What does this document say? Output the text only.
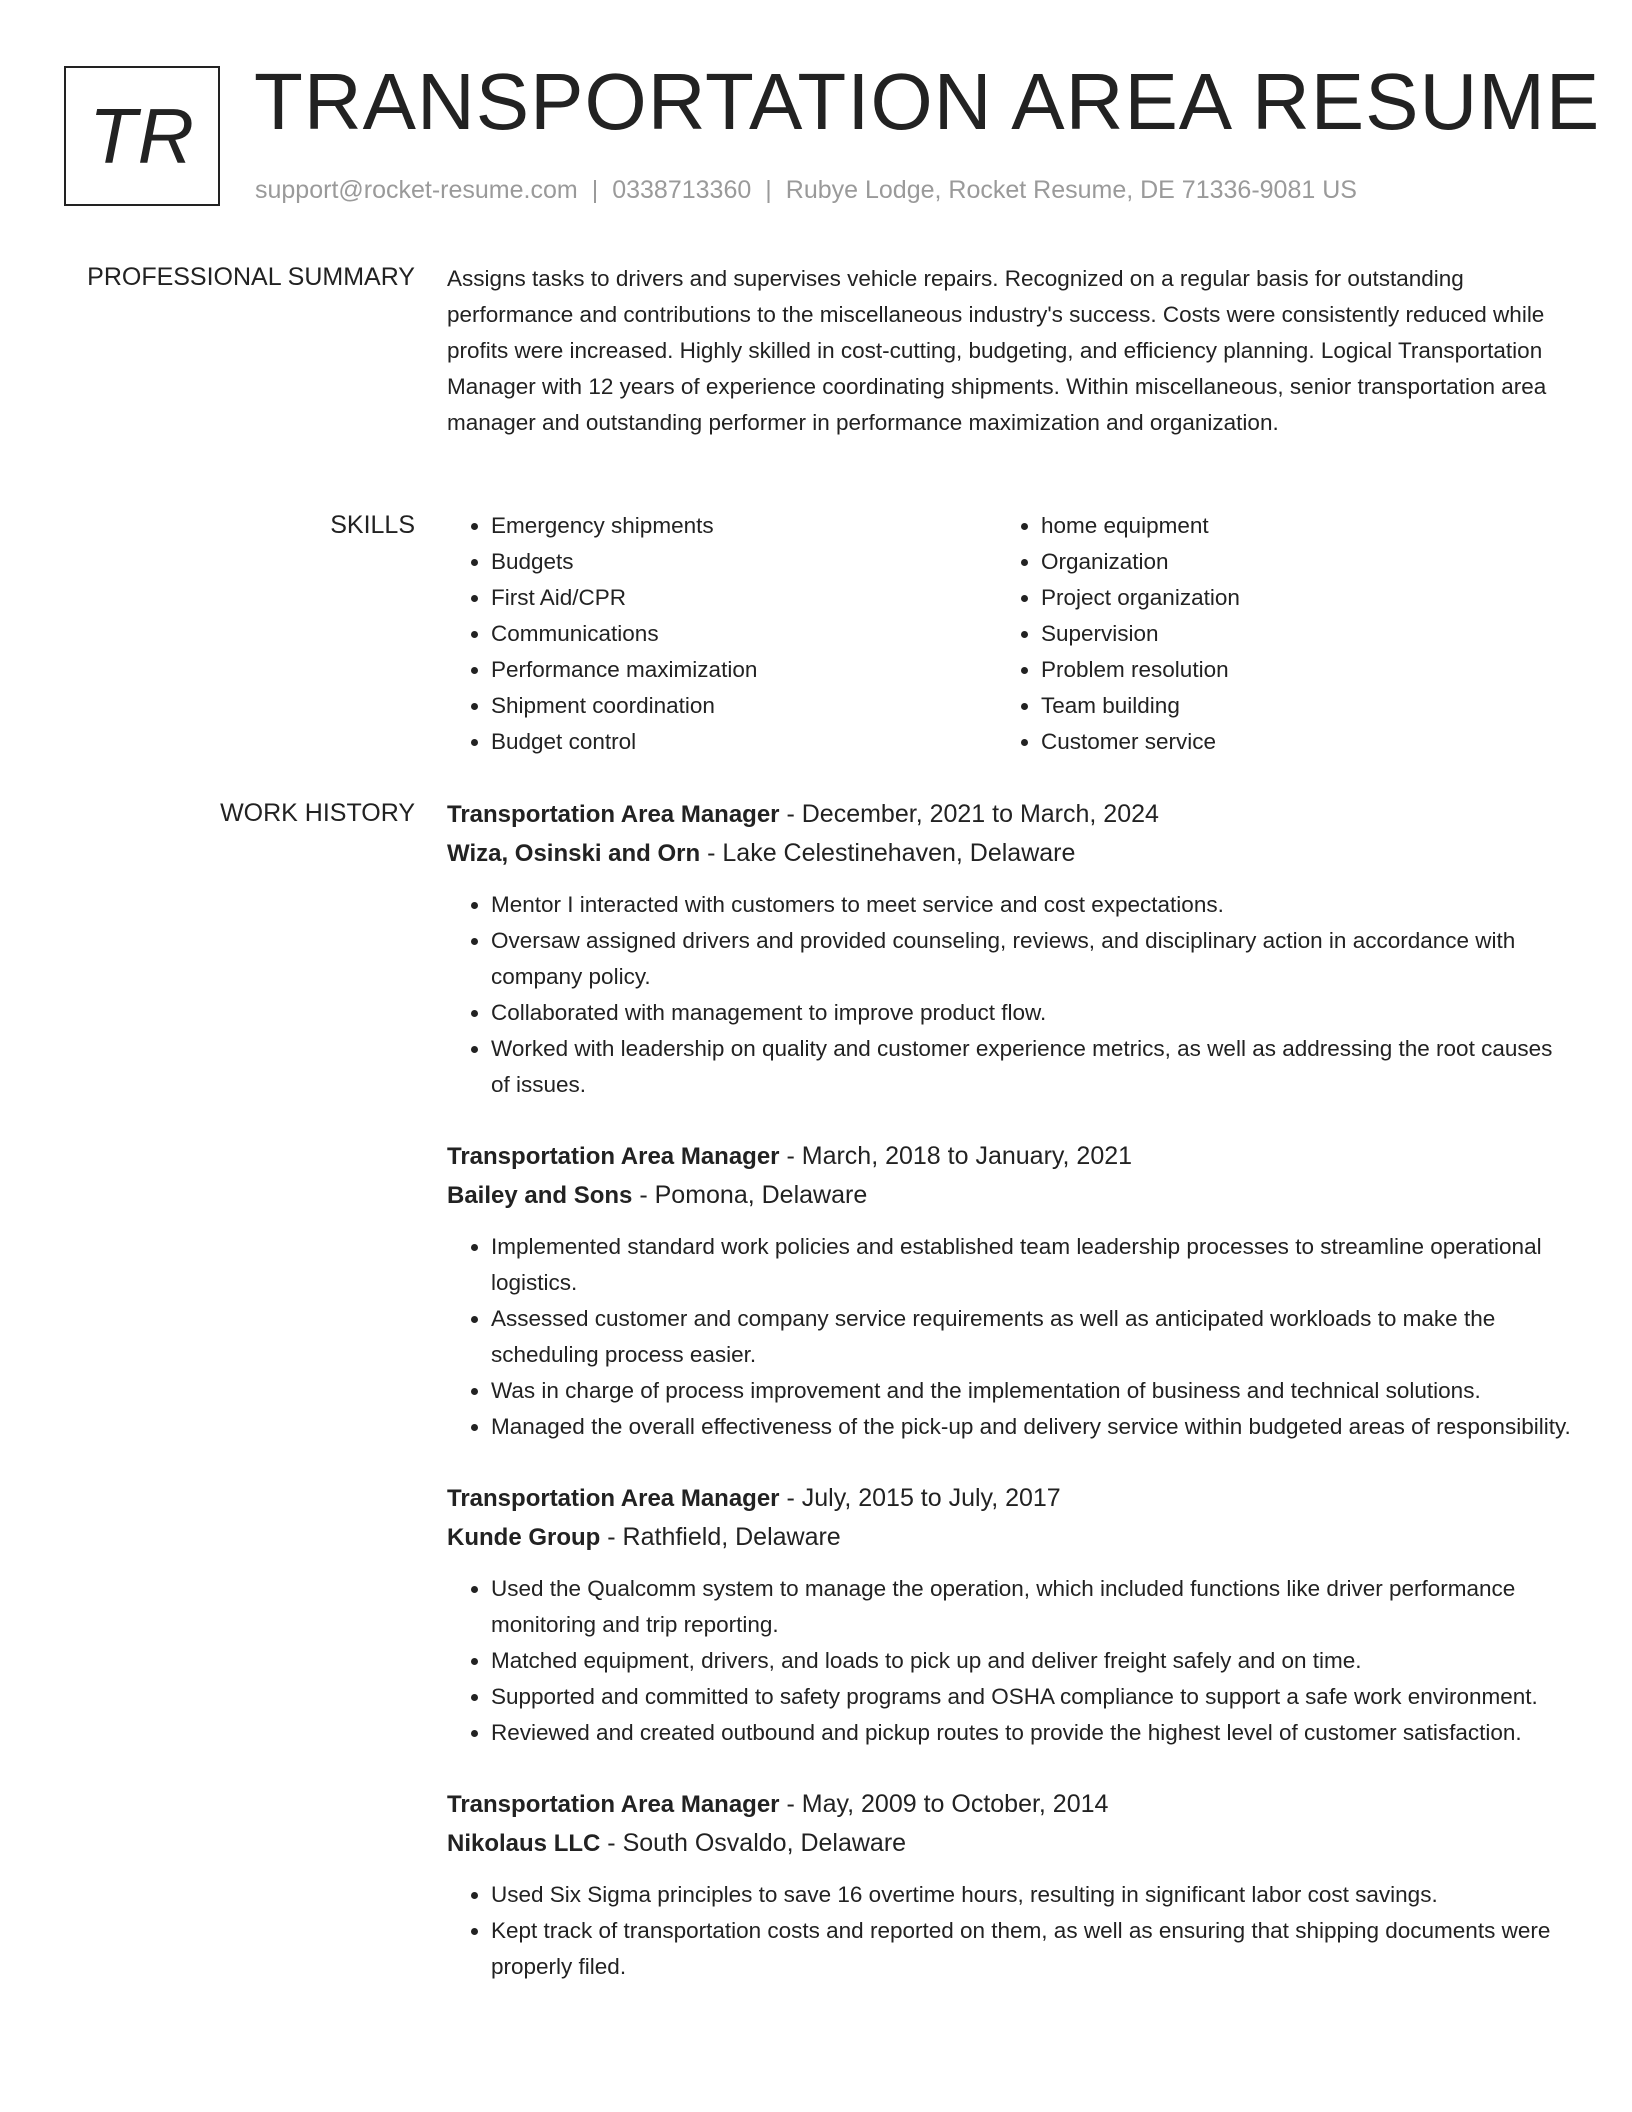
TR TRANSPORTATION AREA RESUME
support@rocket-resume.com | 0338713360 | Rubye Lodge, Rocket Resume, DE 71336-9081 US
PROFESSIONAL SUMMARY Assigns tasks to drivers and supervises vehicle repairs. Recognized on a regular basis for outstanding performance and contributions to the miscellaneous industry's success. Costs were consistently reduced while profits were increased. Highly skilled in cost-cutting, budgeting, and efficiency planning. Logical Transportation Manager with 12 years of experience coordinating shipments. Within miscellaneous, senior transportation area manager and outstanding performer in performance maximization and organization.

SKILLS
•	Emergency shipments
• Budgets
• First Aid/CPR
• Communications
• Performance maximization
• Shipment coordination
• Budget control
• home equipment
• Organization
• Project organization
• Supervision
• Problem resolution
• Team building
• Customer service
WORK HISTORY Transportation Area Manager - December, 2021 to March, 2024
Wiza, Osinski and Orn - Lake Celestinehaven, Delaware
• Mentor I interacted with customers to meet service and cost expectations.
• Oversaw assigned drivers and provided counseling, reviews, and disciplinary action in accordance with company policy.
• Collaborated with management to improve product flow.
• Worked with leadership on quality and customer experience metrics, as well as addressing the root causes of issues.
Transportation Area Manager - March, 2018 to January, 2021
Bailey and Sons - Pomona, Delaware
• Implemented standard work policies and established team leadership processes to streamline operational logistics.
• Assessed customer and company service requirements as well as anticipated workloads to make the scheduling process easier.
• Was in charge of process improvement and the implementation of business and technical solutions.
• Managed the overall effectiveness of the pick-up and delivery service within budgeted areas of responsibility.
Transportation Area Manager - July, 2015 to July, 2017
Kunde Group - Rathfield, Delaware
• Used the Qualcomm system to manage the operation, which included functions like driver performance monitoring and trip reporting.
• Matched equipment, drivers, and loads to pick up and deliver freight safely and on time.
• Supported and committed to safety programs and OSHA compliance to support a safe work environment.
• Reviewed and created outbound and pickup routes to provide the highest level of customer satisfaction.
Transportation Area Manager - May, 2009 to October, 2014
Nikolaus LLC - South Osvaldo, Delaware
• Used Six Sigma principles to save 16 overtime hours, resulting in significant labor cost savings.
• Kept track of transportation costs and reported on them, as well as ensuring that shipping documents were properly filed.
